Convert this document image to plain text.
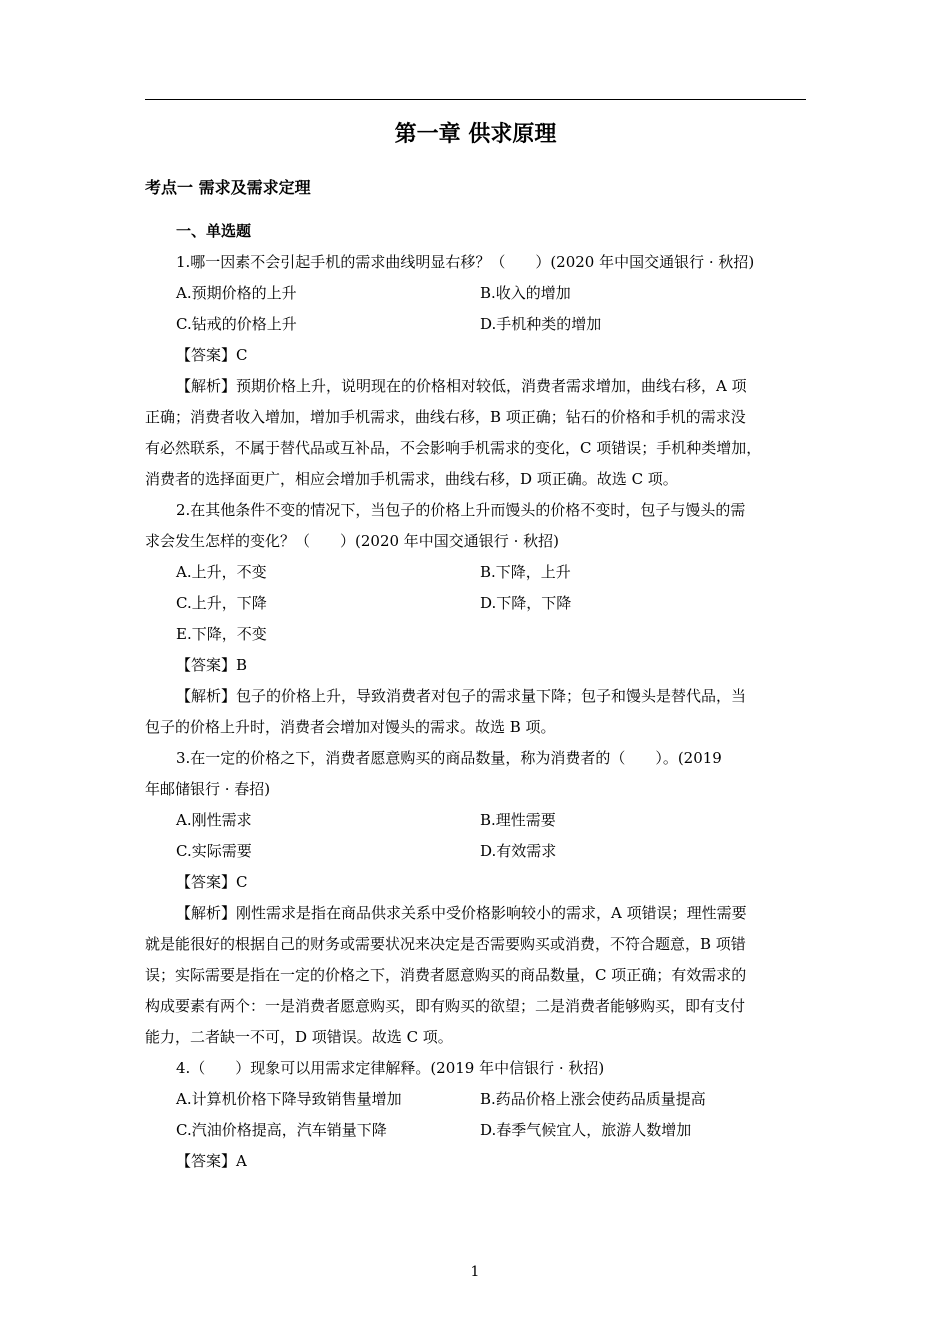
第一章 供求原理
考点一 需求及需求定理
一、单选题
1.哪一因素不会引起手机的需求曲线明显右移？（　　）(2020 年中国交通银行 · 秋招)
A.预期价格的上升	B.收入的增加
C.钻戒的价格上升	D.手机种类的增加
【答案】C
【解析】预期价格上升，说明现在的价格相对较低，消费者需求增加，曲线右移，A 项
正确；消费者收入增加，增加手机需求，曲线右移，B 项正确；钻石的价格和手机的需求没
有必然联系，不属于替代品或互补品，不会影响手机需求的变化，C 项错误；手机种类增加，
消费者的选择面更广，相应会增加手机需求，曲线右移，D 项正确。故选 C 项。
2.在其他条件不变的情况下，当包子的价格上升而馒头的价格不变时，包子与馒头的需
求会发生怎样的变化？（　　）(2020 年中国交通银行 · 秋招)
A.上升，不变	B.下降，上升
C.上升，下降	D.下降，下降
E.下降，不变
【答案】B
【解析】包子的价格上升，导致消费者对包子的需求量下降；包子和馒头是替代品，当
包子的价格上升时，消费者会增加对馒头的需求。故选 B 项。
3.在一定的价格之下，消费者愿意购买的商品数量，称为消费者的（　　）。(2019
年邮储银行 · 春招)
A.刚性需求	B.理性需要
C.实际需要	D.有效需求
【答案】C
【解析】刚性需求是指在商品供求关系中受价格影响较小的需求，A 项错误；理性需要
就是能很好的根据自己的财务或需要状况来决定是否需要购买或消费，不符合题意，B 项错
误；实际需要是指在一定的价格之下，消费者愿意购买的商品数量，C 项正确；有效需求的
构成要素有两个：一是消费者愿意购买，即有购买的欲望；二是消费者能够购买，即有支付
能力，二者缺一不可，D 项错误。故选 C 项。
4.（　　）现象可以用需求定律解释。(2019 年中信银行 · 秋招)
A.计算机价格下降导致销售量增加	B.药品价格上涨会使药品质量提高
C.汽油价格提高，汽车销量下降	D.春季气候宜人，旅游人数增加
【答案】A
1
